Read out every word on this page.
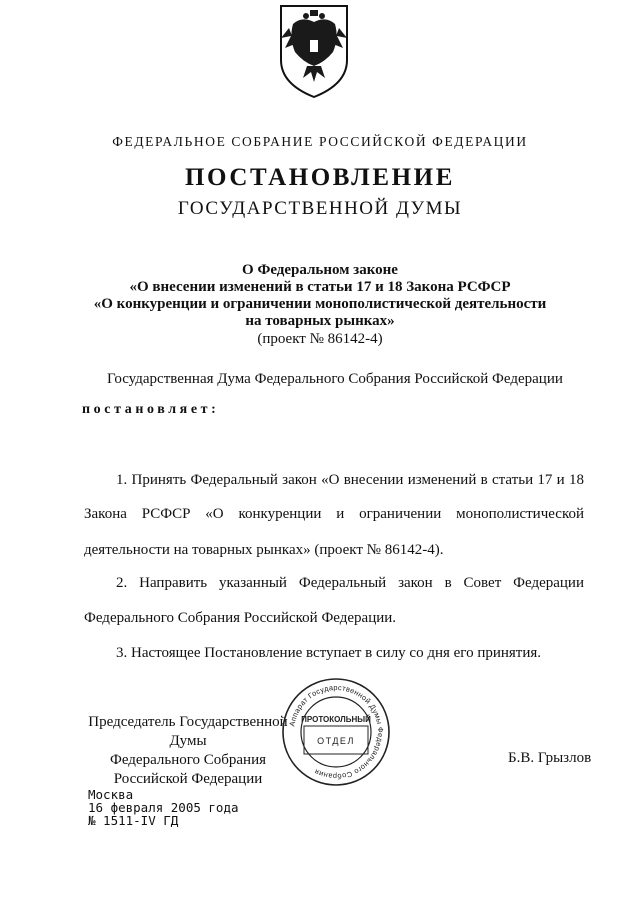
ФЕДЕРАЛЬНОЕ СОБРАНИЕ РОССИЙСКОЙ ФЕДЕРАЦИИ
ПОСТАНОВЛЕНИЕ
ГОСУДАРСТВЕННОЙ ДУМЫ
О Федеральном законе
«О внесении изменений в статьи 17 и 18 Закона РСФСР
«О конкуренции и ограничении монополистической деятельности
на товарных рынках»
(проект № 86142-4)
Государственная Дума Федерального Собрания Российской Федерации
постановляет:
1. Принять Федеральный закон «О внесении изменений в статьи 17 и 18
Закона РСФСР «О конкуренции и ограничении монополистической
деятельности на товарных рынках» (проект № 86142-4).
2. Направить указанный Федеральный закон в Совет Федерации
Федерального Собрания Российской Федерации.
3. Настоящее Постановление вступает в силу со дня его принятия.
Председатель Государственной Думы
Федерального Собрания
Российской Федерации
Аппарат Государственной Думы Федерального Собрания
ПРОТОКОЛЬНЫЙ
ОТДЕЛ
Б.В. Грызлов
Москва
16 февраля 2005 года
№ 1511-IV ГД
